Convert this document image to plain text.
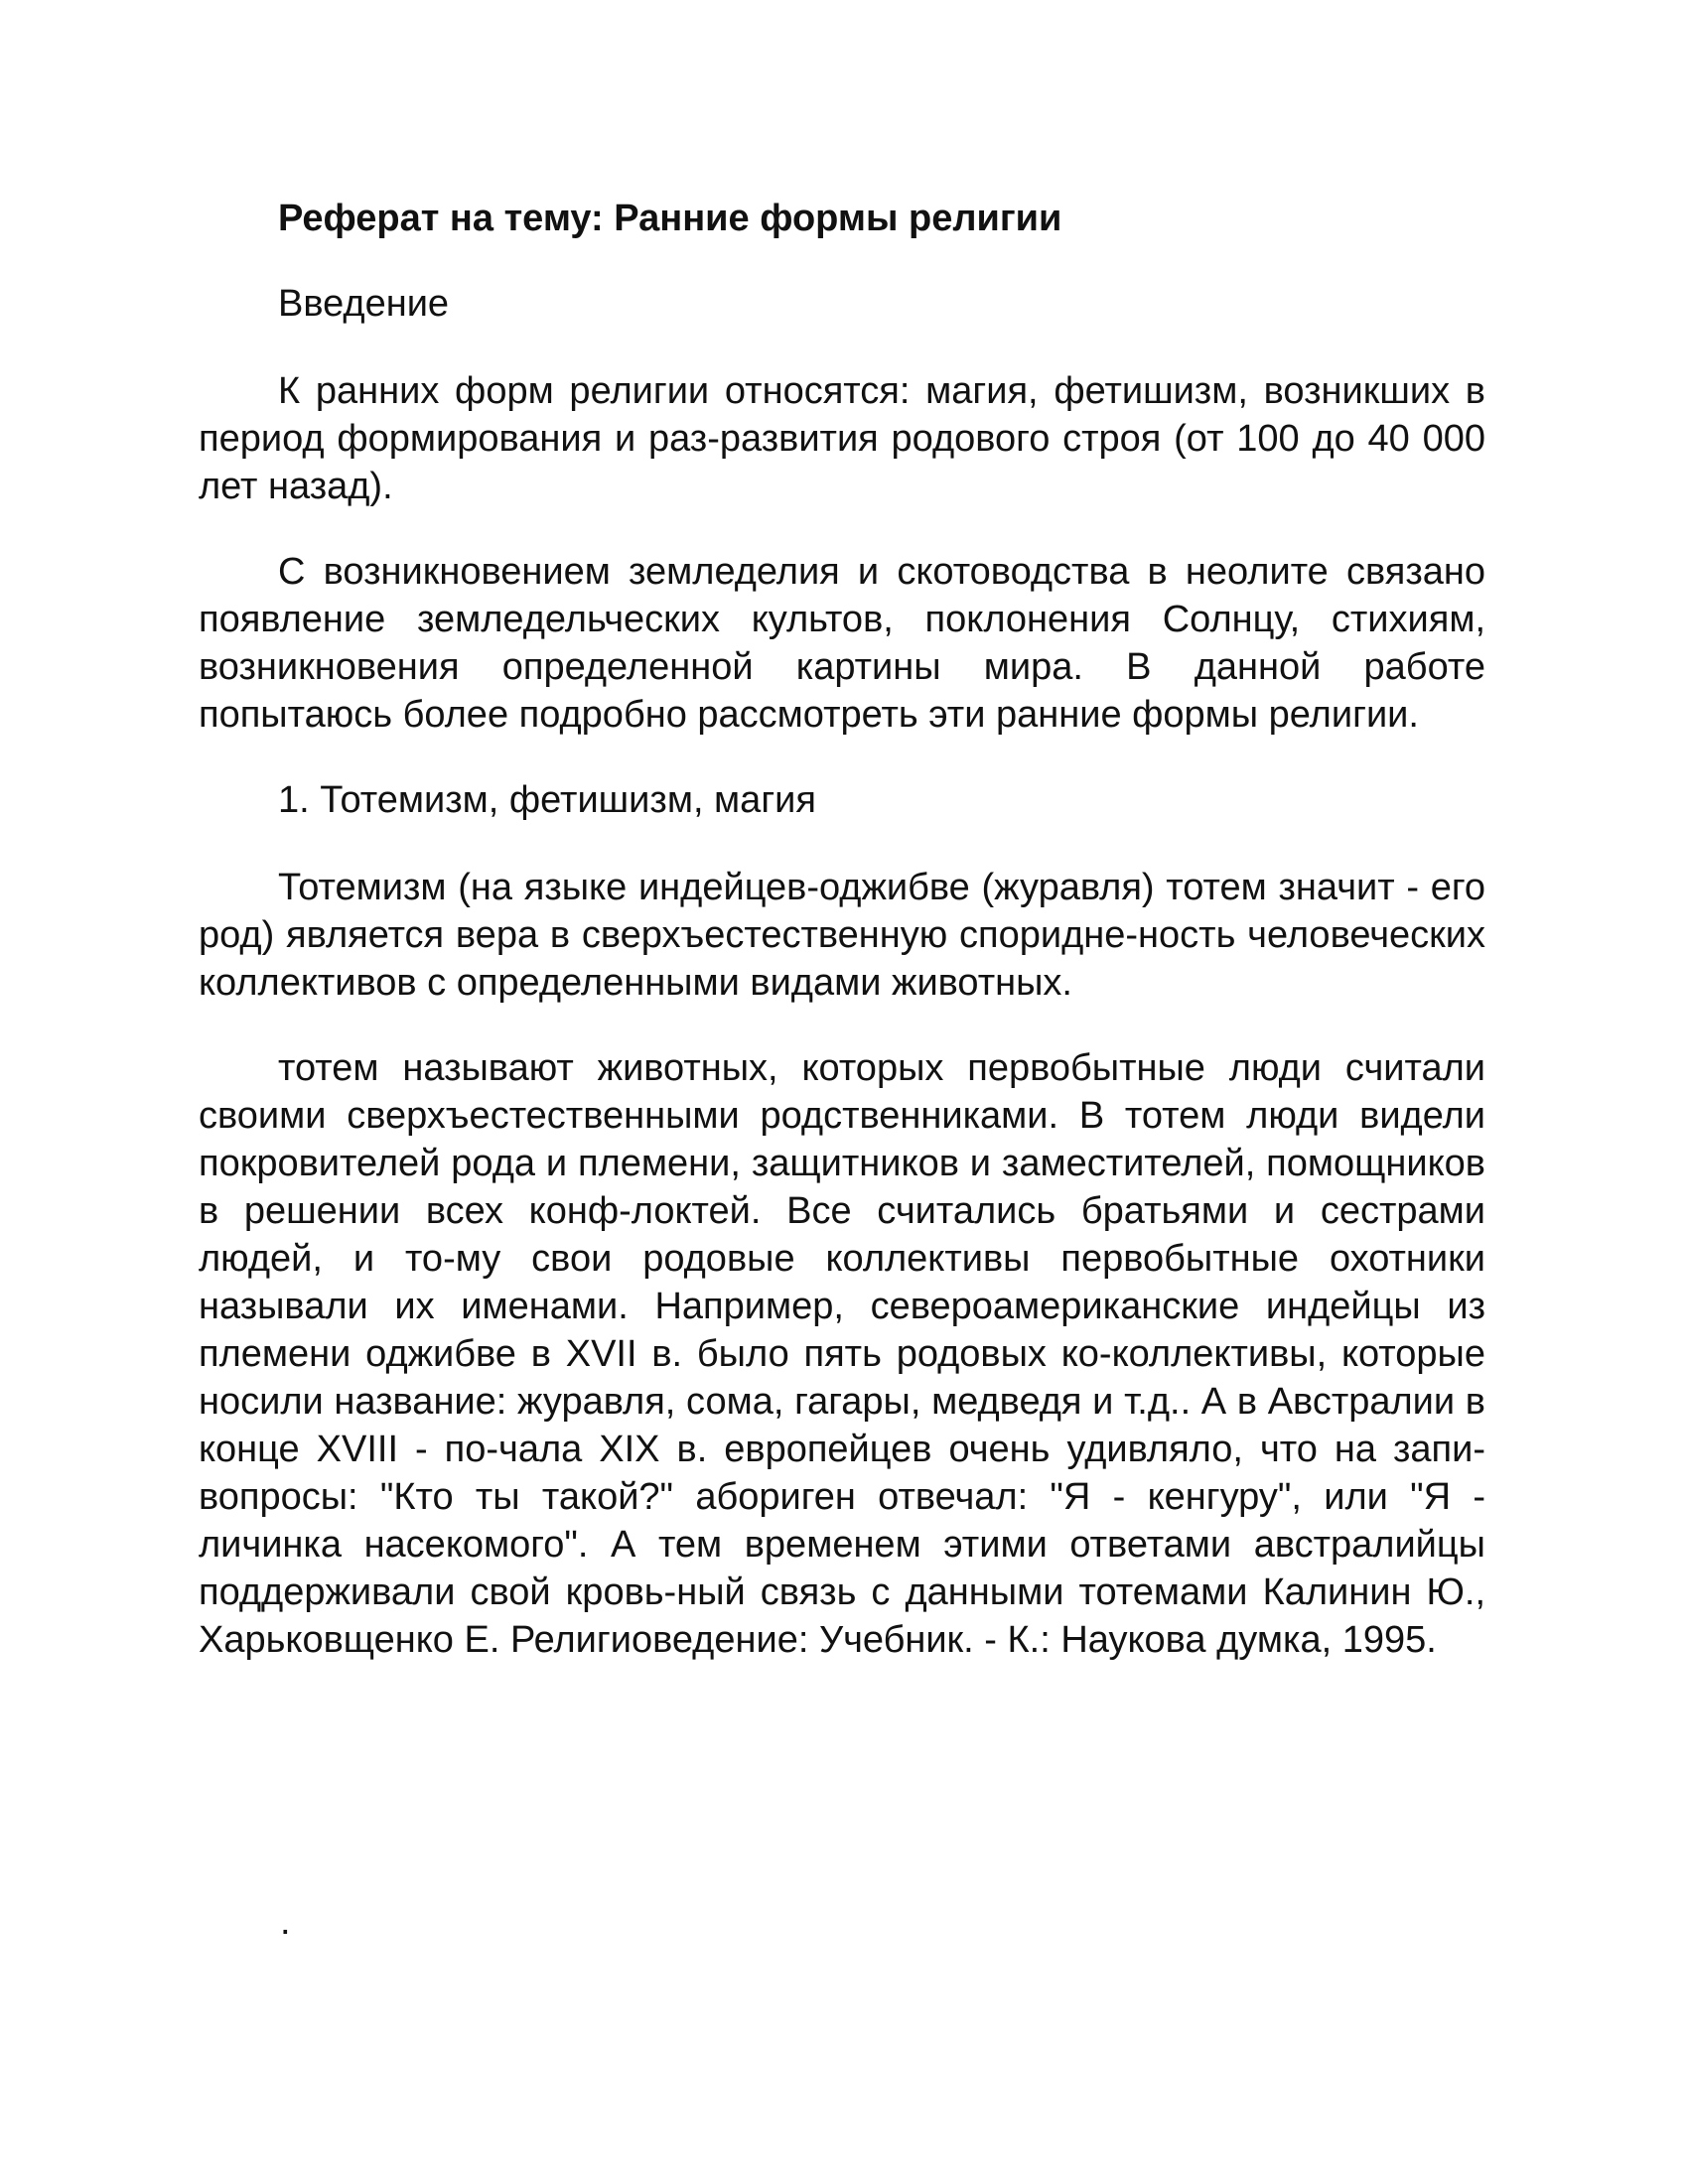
Реферат на тему: Ранние формы религии

Введение

К ранних форм религии относятся: магия, фетишизм, возникших в период формирования и раз-развития родового строя (от 100 до 40 000 лет назад).

С возникновением земледелия и скотоводства в неолите связано появление земледельческих культов, поклонения Солнцу, стихиям, возникновения определенной картины мира. В данной работе попытаюсь более подробно рассмотреть эти ранние формы религии.

1. Тотемизм, фетишизм, магия

Тотемизм (на языке индейцев-оджибве (журавля) тотем значит - его род) является вера в сверхъестественную споридне-ность человеческих коллективов с определенными видами животных.

тотем называют животных, которых первобытные люди считали своими сверхъестественными родственниками. В тотем люди видели покровителей рода и племени, защитников и заместителей, помощников в решении всех конф-локтей. Все считались братьями и сестрами людей, и то-му свои родовые коллективы первобытные охотники называли их именами. Например, североамериканские индейцы из племени оджибве в XVII в. было пять родовых ко-коллективы, которые носили название: журавля, сома, гагары, медведя и т.д.. А в Австралии в конце XVIII - по-чала XIX в. европейцев очень удивляло, что на запи-вопросы: "Кто ты такой?" абориген отвечал: "Я - кенгуру", или "Я - личинка насекомого". А тем временем этими ответами австралийцы поддерживали свой кровь-ный связь с данными тотемами Калинин Ю., Харьковщенко Е. Религиоведение: Учебник. - К.: Наукова думка, 1995.

.
